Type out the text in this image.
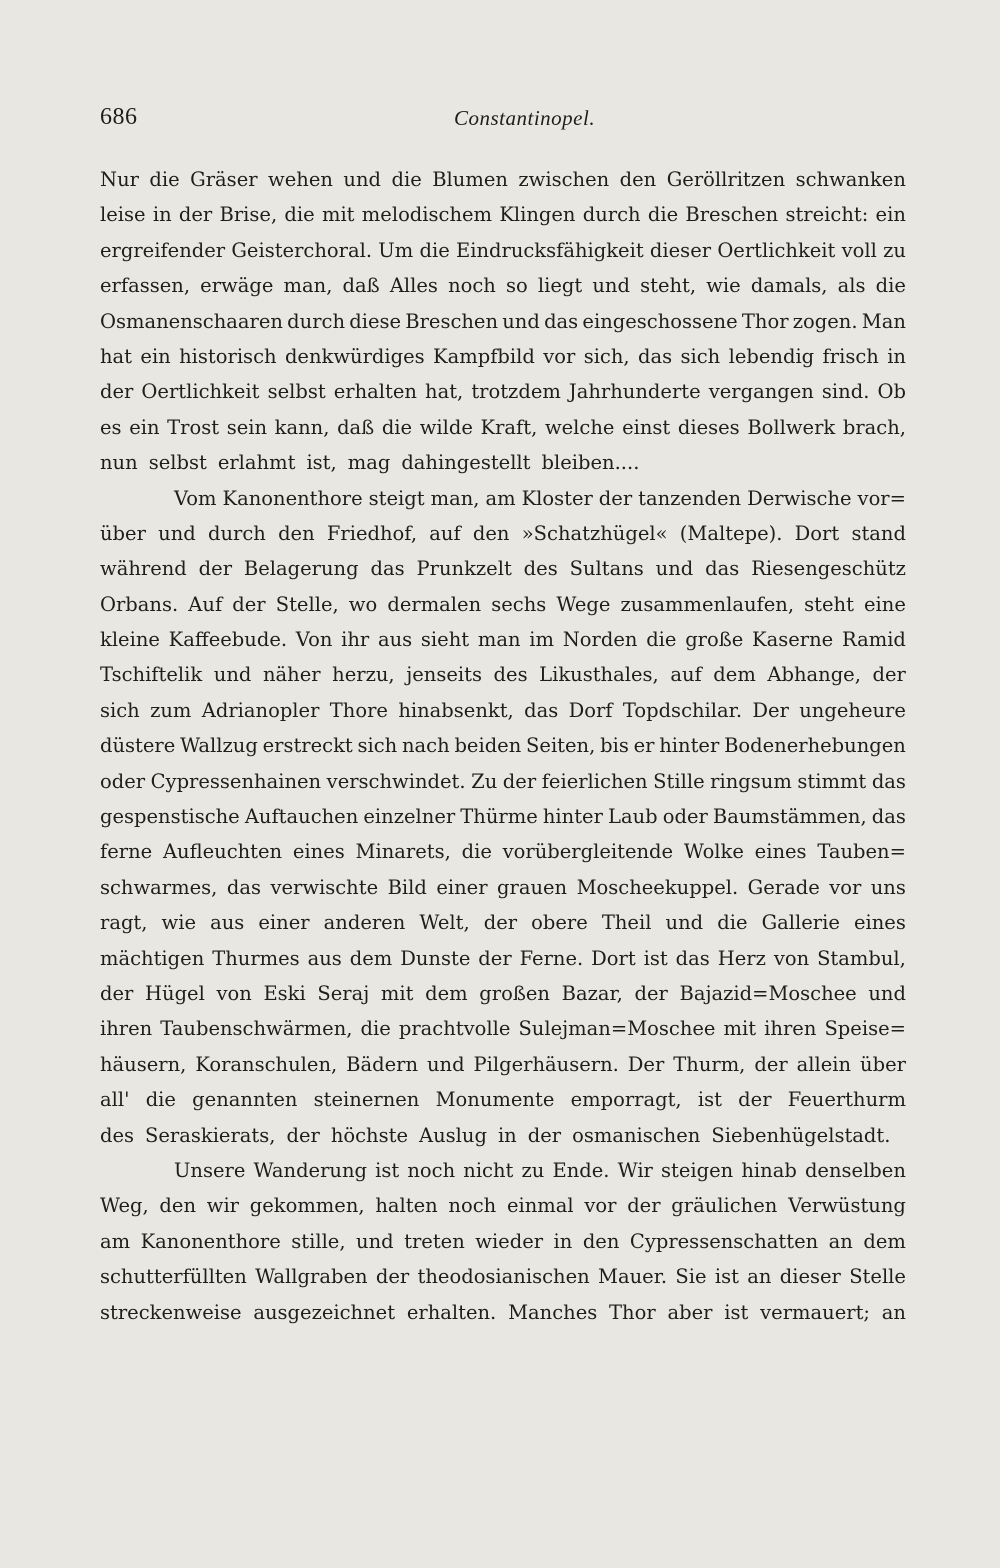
686	Constantinopel.
Nur die Gräser wehen und die Blumen zwischen den Geröllritzen schwanken
leise in der Brise, die mit melodischem Klingen durch die Breschen streicht: ein
ergreifender Geisterchoral. Um die Eindrucksfähigkeit dieser Oertlichkeit voll zu
erfassen, erwäge man, daß Alles noch so liegt und steht, wie damals, als die
Osmanenschaaren durch diese Breschen und das eingeschossene Thor zogen. Man
hat ein historisch denkwürdiges Kampfbild vor sich, das sich lebendig frisch in
der Oertlichkeit selbst erhalten hat, trotzdem Jahrhunderte vergangen sind. Ob
es ein Trost sein kann, daß die wilde Kraft, welche einst dieses Bollwerk brach,
nun selbst erlahmt ist, mag dahingestellt bleiben....
Vom Kanonenthore steigt man, am Kloster der tanzenden Derwische vor=
über und durch den Friedhof, auf den »Schatzhügel« (Maltepe). Dort stand
während der Belagerung das Prunkzelt des Sultans und das Riesengeschütz
Orbans. Auf der Stelle, wo dermalen sechs Wege zusammenlaufen, steht eine
kleine Kaffeebude. Von ihr aus sieht man im Norden die große Kaserne Ramid
Tschiftelik und näher herzu, jenseits des Likusthales, auf dem Abhange, der
sich zum Adrianopler Thore hinabsenkt, das Dorf Topdschilar. Der ungeheure
düstere Wallzug erstreckt sich nach beiden Seiten, bis er hinter Bodenerhebungen
oder Cypressenhainen verschwindet. Zu der feierlichen Stille ringsum stimmt das
gespenstische Auftauchen einzelner Thürme hinter Laub oder Baumstämmen, das
ferne Aufleuchten eines Minarets, die vorübergleitende Wolke eines Tauben=
schwarmes, das verwischte Bild einer grauen Moscheekuppel. Gerade vor uns
ragt, wie aus einer anderen Welt, der obere Theil und die Gallerie eines
mächtigen Thurmes aus dem Dunste der Ferne. Dort ist das Herz von Stambul,
der Hügel von Eski Seraj mit dem großen Bazar, der Bajazid=Moschee und
ihren Taubenschwärmen, die prachtvolle Sulejman=Moschee mit ihren Speise=
häusern, Koranschulen, Bädern und Pilgerhäusern. Der Thurm, der allein über
all' die genannten steinernen Monumente emporragt, ist der Feuerthurm
des Seraskierats, der höchste Auslug in der osmanischen Siebenhügelstadt.
Unsere Wanderung ist noch nicht zu Ende. Wir steigen hinab denselben
Weg, den wir gekommen, halten noch einmal vor der gräulichen Verwüstung
am Kanonenthore stille, und treten wieder in den Cypressenschatten an dem
schutterfüllten Wallgraben der theodosianischen Mauer. Sie ist an dieser Stelle
streckenweise ausgezeichnet erhalten. Manches Thor aber ist vermauert; an
